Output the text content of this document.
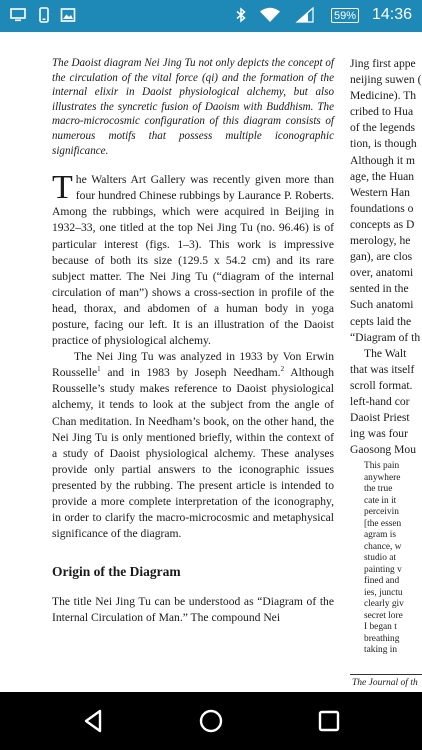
59% 14:36

The Daoist diagram Nei Jing Tu not only depicts the concept of the circulation of the vital force (qi) and the formation of the internal elixir in Daoist physiological alchemy, but also illustrates the syncretic fusion of Daoism with Buddhism. The macro-microcosmic configuration of this diagram consists of numerous motifs that possess multiple iconographic significance.

The Walters Art Gallery was recently given more than four hundred Chinese rubbings by Laurance P. Roberts. Among the rubbings, which were acquired in Beijing in 1932–33, one titled at the top Nei Jing Tu (no. 96.46) is of particular interest (figs. 1–3). This work is impressive because of both its size (129.5 x 54.2 cm) and its rare subject matter. The Nei Jing Tu (“diagram of the internal circulation of man”) shows a cross-section in profile of the head, thorax, and abdomen of a human body in yoga posture, facing our left. It is an illustration of the Daoist practice of physiological alchemy.

The Nei Jing Tu was analyzed in 1933 by Von Erwin Rousselle$^1$ and in 1983 by Joseph Needham.$^2$ Although Rousselle’s study makes reference to Daoist physiological alchemy, it tends to look at the subject from the angle of Chan meditation. In Needham’s book, on the other hand, the Nei Jing Tu is only mentioned briefly, within the context of a study of Daoist physiological alchemy. These analyses provide only partial answers to the iconographic issues presented by the rubbing. The present article is intended to provide a more complete interpretation of the iconography, in order to clarify the macro-microcosmic and metaphysical significance of the diagram.

Origin of the Diagram

The title Nei Jing Tu can be understood as “Diagram of the Internal Circulation of Man.” The compound Nei

Jing first appe
neijing suwen (
Medicine). Th
cribed to Hua
of the legends
tion, is though
Although it m
age, the Huan
Western Han
foundations o
concepts as D
merology, he
gan), are clos
over, anatomi
sented in the
Such anatomi
cepts laid the
“Diagram of th
The Walt
that was itself
scroll format.
left-hand cor
Daoist Priest
ing was four
Gaosong Mou
This pain
anywhere
the true
cate in it
perceivin
[the essen
agram is
chance, w
studio at
painting v
fined and
ies, junctu
clearly giv
secret lore
I began t
breathing
taking in
The Journal of th
